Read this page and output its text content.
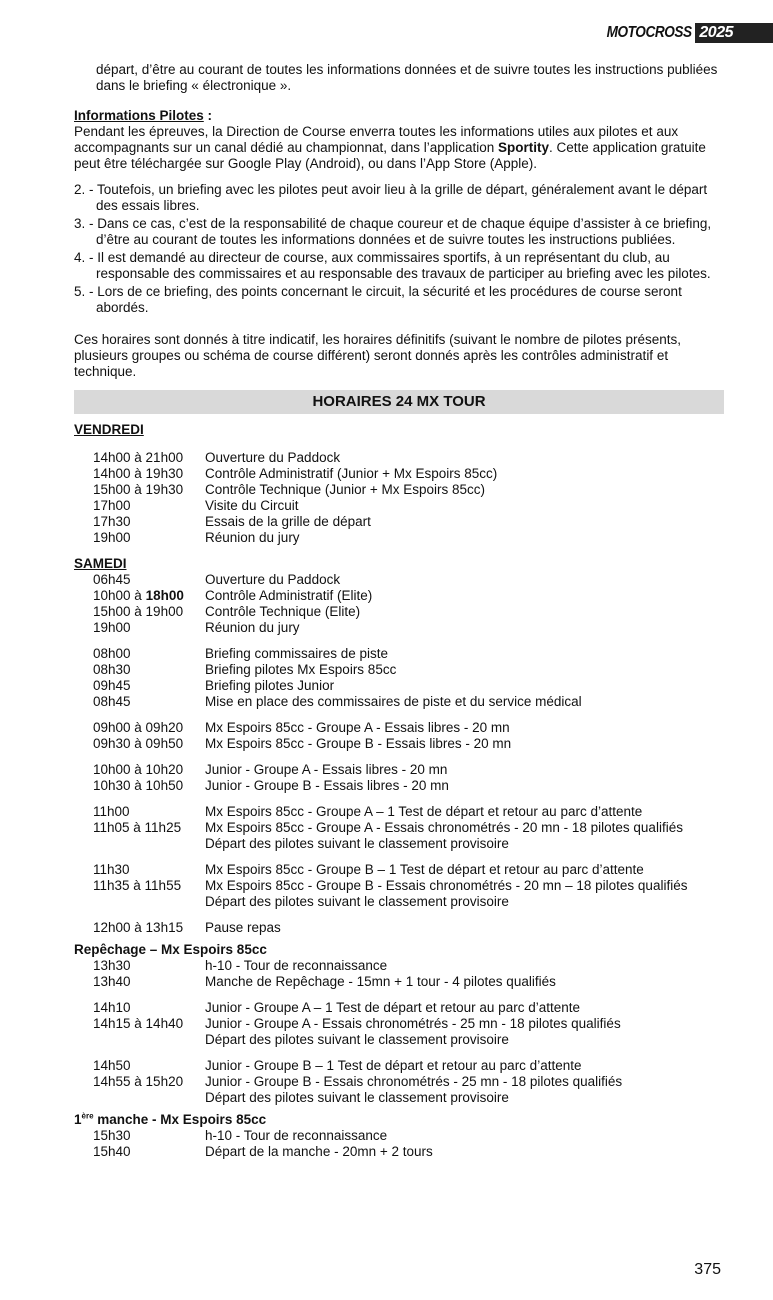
MOTOCROSS 2025

départ, d’être au courant de toutes les informations données et de suivre toutes les instructions publiées dans le briefing « électronique ».

Informations Pilotes :

Pendant les épreuves, la Direction de Course enverra toutes les informations utiles aux pilotes et aux accompagnants sur un canal dédié au championnat, dans l’application Sportity. Cette application gratuite peut être téléchargée sur Google Play (Android), ou dans l’App Store (Apple).

2. - Toutefois, un briefing avec les pilotes peut avoir lieu à la grille de départ, généralement avant le départ des essais libres.
3. - Dans ce cas, c’est de la responsabilité de chaque coureur et de chaque équipe d’assister à ce briefing, d’être au courant de toutes les informations données et de suivre toutes les instructions publiées.
4. - Il est demandé au directeur de course, aux commissaires sportifs, à un représentant du club, au responsable des commissaires et au responsable des travaux de participer au briefing avec les pilotes.
5. - Lors de ce briefing, des points concernant le circuit, la sécurité et les procédures de course seront abordés.

Ces horaires sont donnés à titre indicatif, les horaires définitifs (suivant le nombre de pilotes présents, plusieurs groupes ou schéma de course différent) seront donnés après les contrôles administratif et technique.

HORAIRES 24 MX TOUR
VENDREDI
14h00 à 21h00	Ouverture du Paddock
14h00 à 19h30	Contrôle Administratif (Junior + Mx Espoirs 85cc)
15h00 à 19h30	Contrôle Technique (Junior + Mx Espoirs 85cc)
17h00	Visite du Circuit
17h30	Essais de la grille de départ
19h00	Réunion du jury
SAMEDI
06h45	Ouverture du Paddock
10h00 à 18h00	Contrôle Administratif (Elite)
15h00 à 19h00	Contrôle Technique (Elite)
19h00	Réunion du jury
08h00	Briefing commissaires de piste
08h30	Briefing pilotes Mx Espoirs 85cc
09h45	Briefing pilotes Junior
08h45	Mise en place des commissaires de piste et du service médical
09h00 à 09h20	Mx Espoirs 85cc - Groupe A - Essais libres - 20 mn
09h30 à 09h50	Mx Espoirs 85cc - Groupe B - Essais libres - 20 mn
10h00 à 10h20	Junior - Groupe A - Essais libres - 20 mn
10h30 à 10h50	Junior - Groupe B - Essais libres - 20 mn
11h00	Mx Espoirs 85cc - Groupe A – 1 Test de départ et retour au parc d’attente
11h05 à 11h25	Mx Espoirs 85cc - Groupe A - Essais chronométrés - 20 mn - 18 pilotes qualifiés
Départ des pilotes suivant le classement provisoire
11h30	Mx Espoirs 85cc - Groupe B – 1 Test de départ et retour au parc d’attente
11h35 à 11h55	Mx Espoirs 85cc - Groupe B - Essais chronométrés - 20 mn – 18 pilotes qualifiés
Départ des pilotes suivant le classement provisoire
12h00 à 13h15	Pause repas
Repêchage – Mx Espoirs 85cc
13h30	h-10 - Tour de reconnaissance
13h40	Manche de Repêchage - 15mn + 1 tour - 4 pilotes qualifiés
14h10	Junior - Groupe A – 1 Test de départ et retour au parc d’attente
14h15 à 14h40	Junior - Groupe A - Essais chronométrés - 25 mn - 18 pilotes qualifiés
Départ des pilotes suivant le classement provisoire
14h50	Junior - Groupe B – 1 Test de départ et retour au parc d’attente
14h55 à 15h20	Junior - Groupe B - Essais chronométrés - 25 mn - 18 pilotes qualifiés
Départ des pilotes suivant le classement provisoire
1ère manche - Mx Espoirs 85cc
15h30	h-10 - Tour de reconnaissance
15h40	Départ de la manche - 20mn + 2 tours
375
